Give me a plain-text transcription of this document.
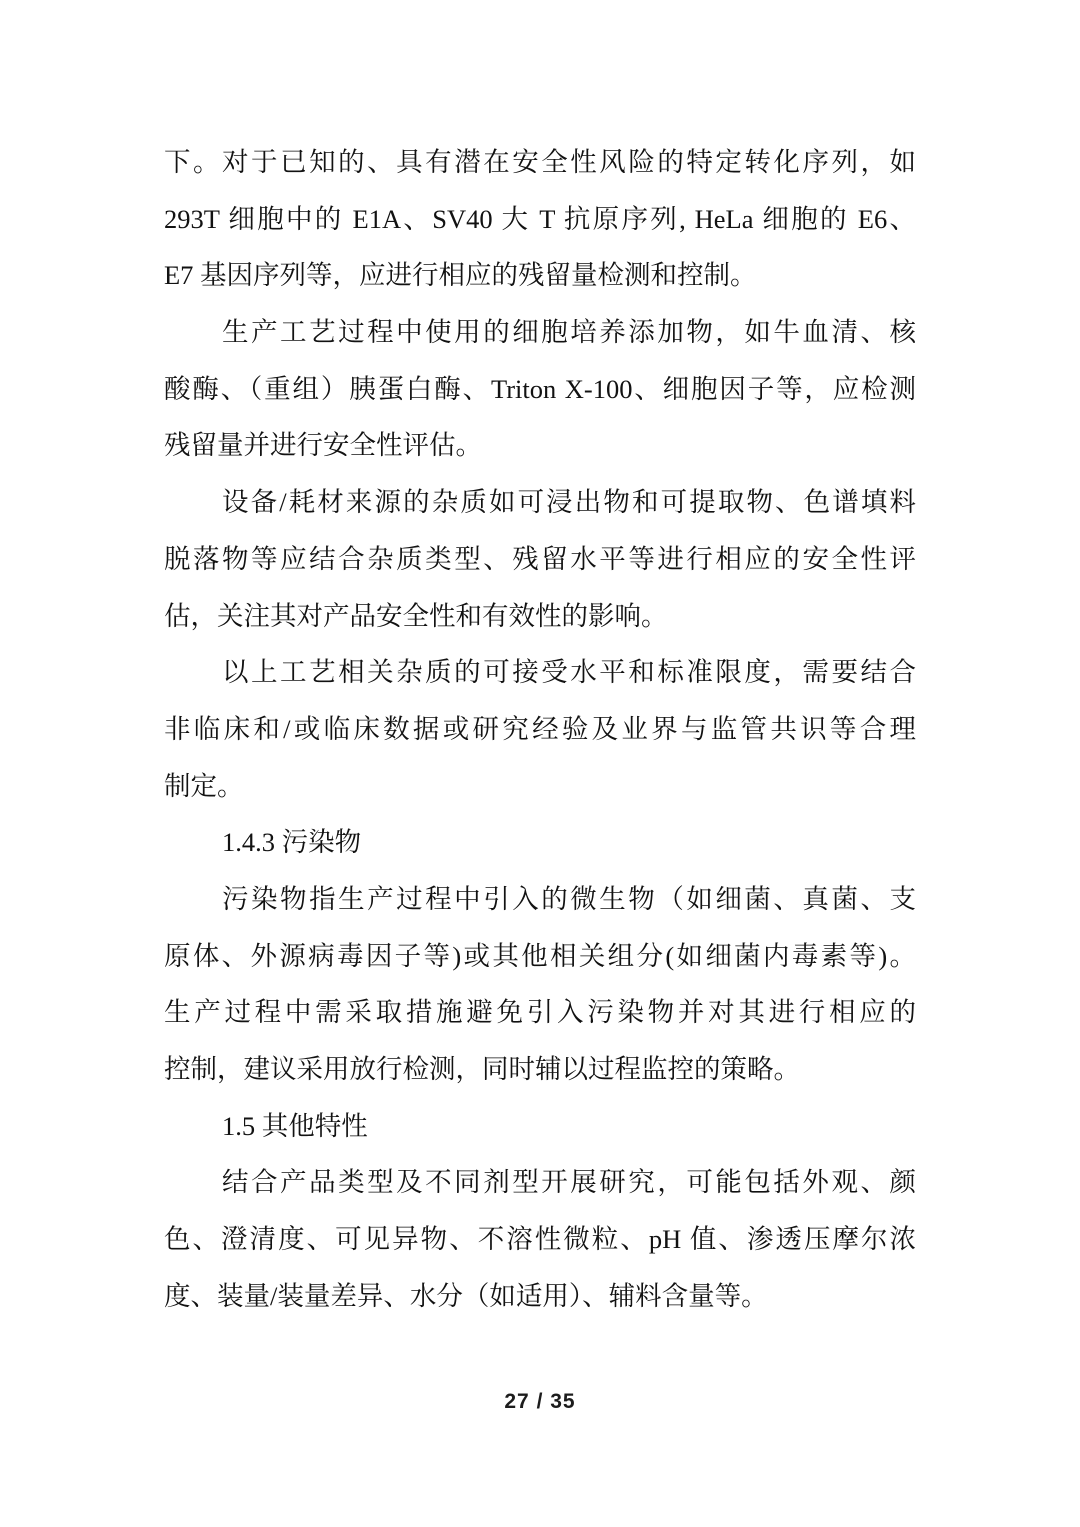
下。对于已知的、具有潜在安全性风险的特定转化序列，如
293T 细胞中的 E1A、SV40 大 T 抗原序列, HeLa 细胞的 E6、
E7 基因序列等，应进行相应的残留量检测和控制。
生产工艺过程中使用的细胞培养添加物，如牛血清、核
酸酶、（重组）胰蛋白酶、Triton X-100、细胞因子等，应检测
残留量并进行安全性评估。
设备/耗材来源的杂质如可浸出物和可提取物、色谱填料
脱落物等应结合杂质类型、残留水平等进行相应的安全性评
估，关注其对产品安全性和有效性的影响。
以上工艺相关杂质的可接受水平和标准限度，需要结合
非临床和/或临床数据或研究经验及业界与监管共识等合理
制定。
1.4.3 污染物
污染物指生产过程中引入的微生物（如细菌、真菌、支
原体、外源病毒因子等)或其他相关组分(如细菌内毒素等)。
生产过程中需采取措施避免引入污染物并对其进行相应的
控制，建议采用放行检测，同时辅以过程监控的策略。
1.5 其他特性
结合产品类型及不同剂型开展研究，可能包括外观、颜
色、澄清度、可见异物、不溶性微粒、pH 值、渗透压摩尔浓
度、装量/装量差异、水分（如适用）、辅料含量等。
27 / 35
